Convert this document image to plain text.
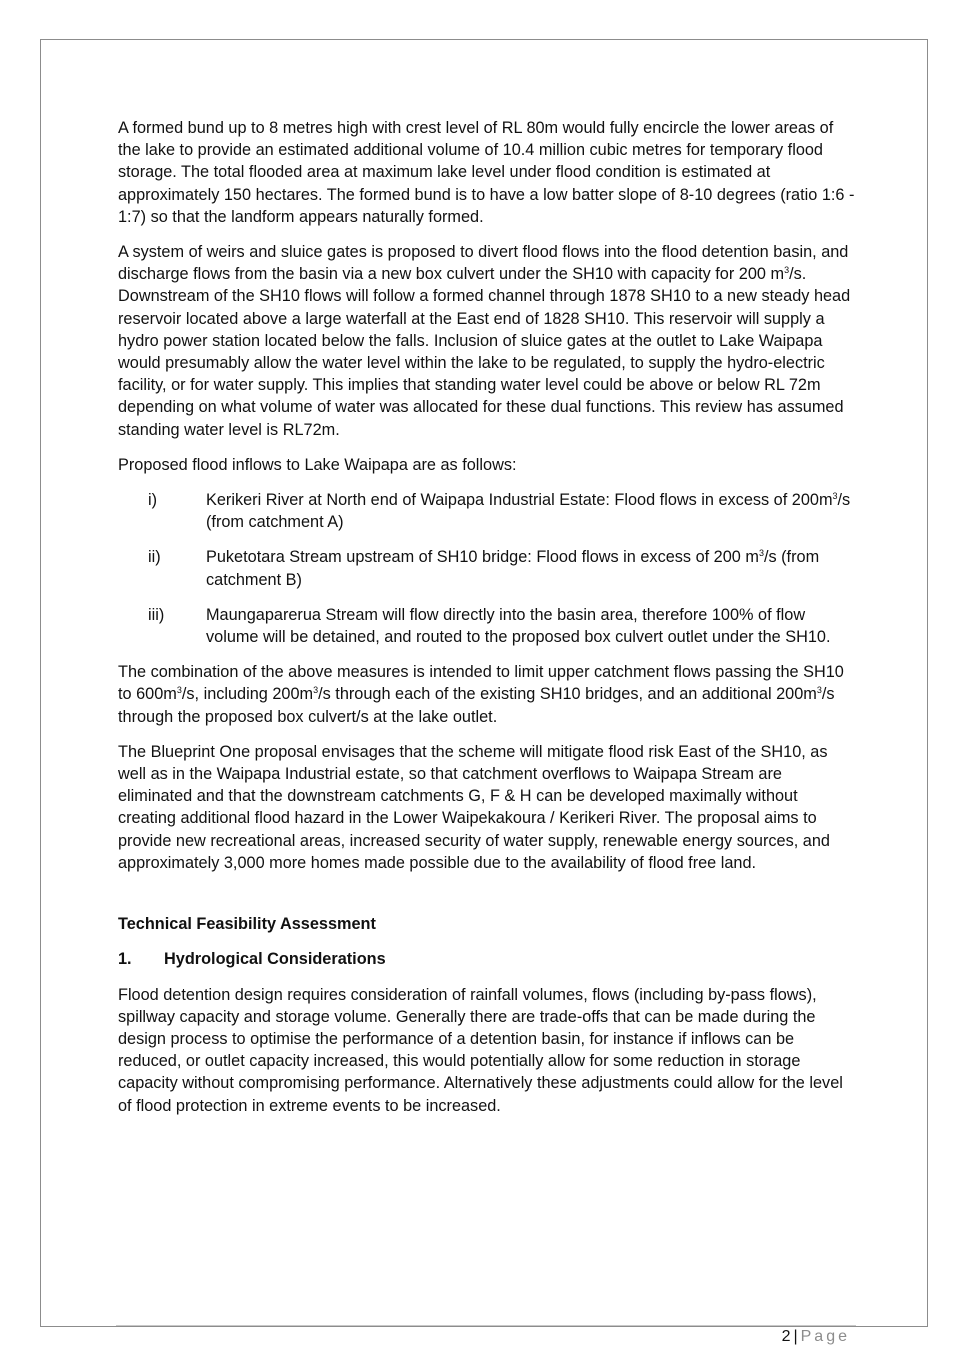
A formed bund up to 8 metres high with crest level of RL 80m would fully encircle the lower areas of the lake to provide an estimated additional volume of 10.4 million cubic metres for temporary flood storage. The total flooded area at maximum lake level under flood condition is estimated at approximately 150 hectares. The formed bund is to have a low batter slope of 8-10 degrees (ratio 1:6 - 1:7) so that the landform appears naturally formed.

A system of weirs and sluice gates is proposed to divert flood flows into the flood detention basin, and discharge flows from the basin via a new box culvert under the SH10 with capacity for 200 $m^3/s$. Downstream of the SH10 flows will follow a formed channel through 1878 SH10 to a new steady head reservoir located above a large waterfall at the East end of 1828 SH10. This reservoir will supply a hydro power station located below the falls. Inclusion of sluice gates at the outlet to Lake Waipapa would presumably allow the water level within the lake to be regulated, to supply the hydro-electric facility, or for water supply. This implies that standing water level could be above or below RL 72m depending on what volume of water was allocated for these dual functions. This review has assumed standing water level is RL72m.

Proposed flood inflows to Lake Waipapa are as follows:

i)	Kerikeri River at North end of Waipapa Industrial Estate: Flood flows in excess of $200m^3/s$ (from catchment A)
ii)	Puketotara Stream upstream of SH10 bridge: Flood flows in excess of 200 $m^3/s$ (from catchment B)
iii)	Maungaparerua Stream will flow directly into the basin area, therefore 100% of flow volume will be detained, and routed to the proposed box culvert outlet under the SH10.

The combination of the above measures is intended to limit upper catchment flows passing the SH10 to $600m^3/s$, including $200m^3/s$ through each of the existing SH10 bridges, and an additional $200m^3/s$ through the proposed box culvert/s at the lake outlet.

The Blueprint One proposal envisages that the scheme will mitigate flood risk East of the SH10, as well as in the Waipapa Industrial estate, so that catchment overflows to Waipapa Stream are eliminated and that the downstream catchments G, F & H can be developed maximally without creating additional flood hazard in the Lower Waipekakoura / Kerikeri River. The proposal aims to provide new recreational areas, increased security of water supply, renewable energy sources, and approximately 3,000 more homes made possible due to the availability of flood free land.

Technical Feasibility Assessment
1. Hydrological Considerations

Flood detention design requires consideration of rainfall volumes, flows (including by-pass flows), spillway capacity and storage volume. Generally there are trade-offs that can be made during the design process to optimise the performance of a detention basin, for instance if inflows can be reduced, or outlet capacity increased, this would potentially allow for some reduction in storage capacity without compromising performance. Alternatively these adjustments could allow for the level of flood protection in extreme events to be increased.

2 | Page
